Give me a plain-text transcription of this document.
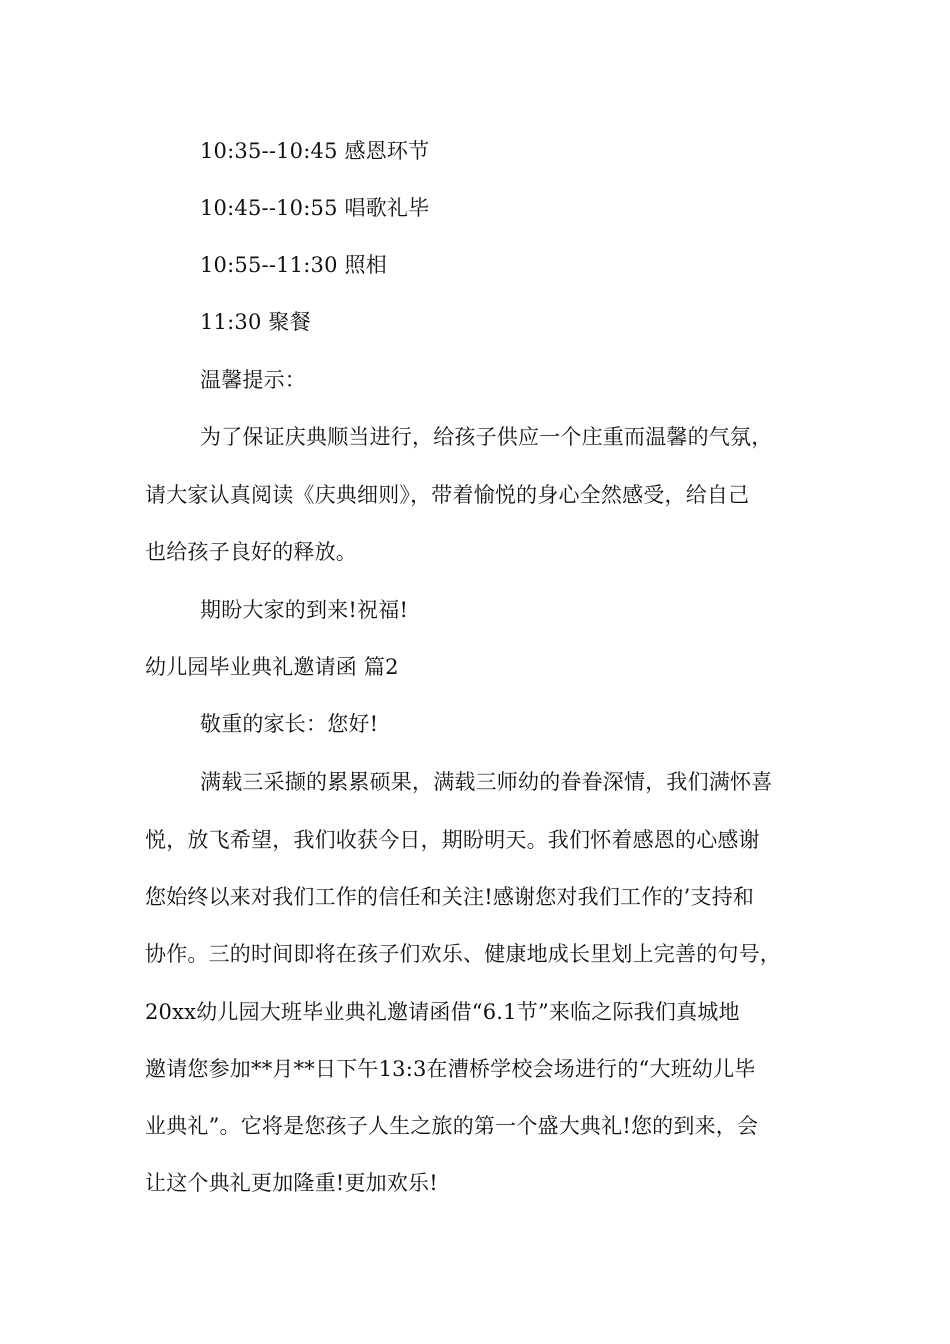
10:35--10:45 感恩环节
10:45--10:55 唱歌礼毕
10:55--11:30 照相
11:30 聚餐
温馨提示：
为了保证庆典顺当进行，给孩子供应一个庄重而温馨的气氛，
请大家认真阅读《庆典细则》，带着愉悦的身心全然感受，给自己
也给孩子良好的释放。
期盼大家的到来!祝福!
幼儿园毕业典礼邀请函 篇2
敬重的家长：您好!
满载三采撷的累累硕果，满载三师幼的眷眷深情，我们满怀喜
悦，放飞希望，我们收获今日，期盼明天。我们怀着感恩的心感谢
您始终以来对我们工作的信任和关注!感谢您对我们工作的’支持和
协作。三的时间即将在孩子们欢乐、健康地成长里划上完善的句号，
20xx幼儿园大班毕业典礼邀请函借“6.1节”来临之际我们真城地
邀请您参加**月**日下午13:3在漕桥学校会场进行的“大班幼儿毕
业典礼”。它将是您孩子人生之旅的第一个盛大典礼!您的到来，会
让这个典礼更加隆重!更加欢乐!
